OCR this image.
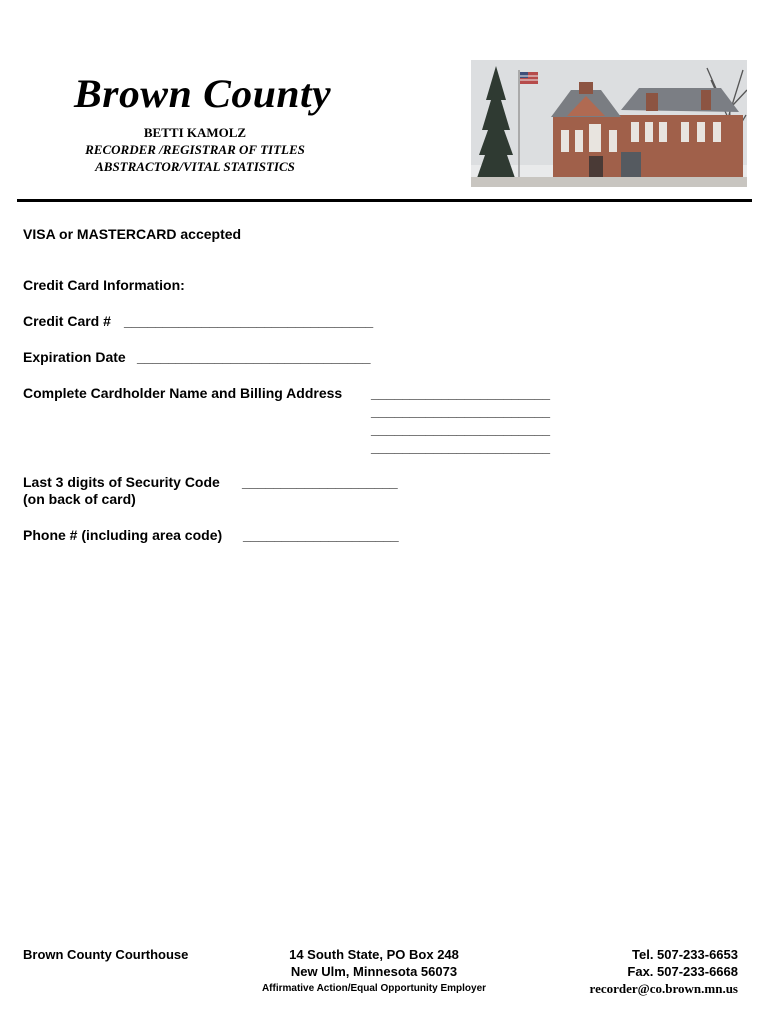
Brown County
BETTI KAMOLZ
RECORDER /REGISTRAR OF TITLES
ABSTRACTOR/VITAL STATISTICS
VISA or MASTERCARD accepted
Credit Card Information:
Credit Card # ________________________________
Expiration Date ______________________________
Complete Cardholder Name and Billing Address _______________________
_______________________
_______________________
_______________________
Last 3 digits of Security Code ____________________
(on back of card)
Phone # (including area code) ____________________
Brown County Courthouse	14 South State, PO Box 248
New Ulm, Minnesota 56073
Affirmative Action/Equal Opportunity Employer
Tel. 507-233-6653
Fax. 507-233-6668
recorder@co.brown.mn.us
